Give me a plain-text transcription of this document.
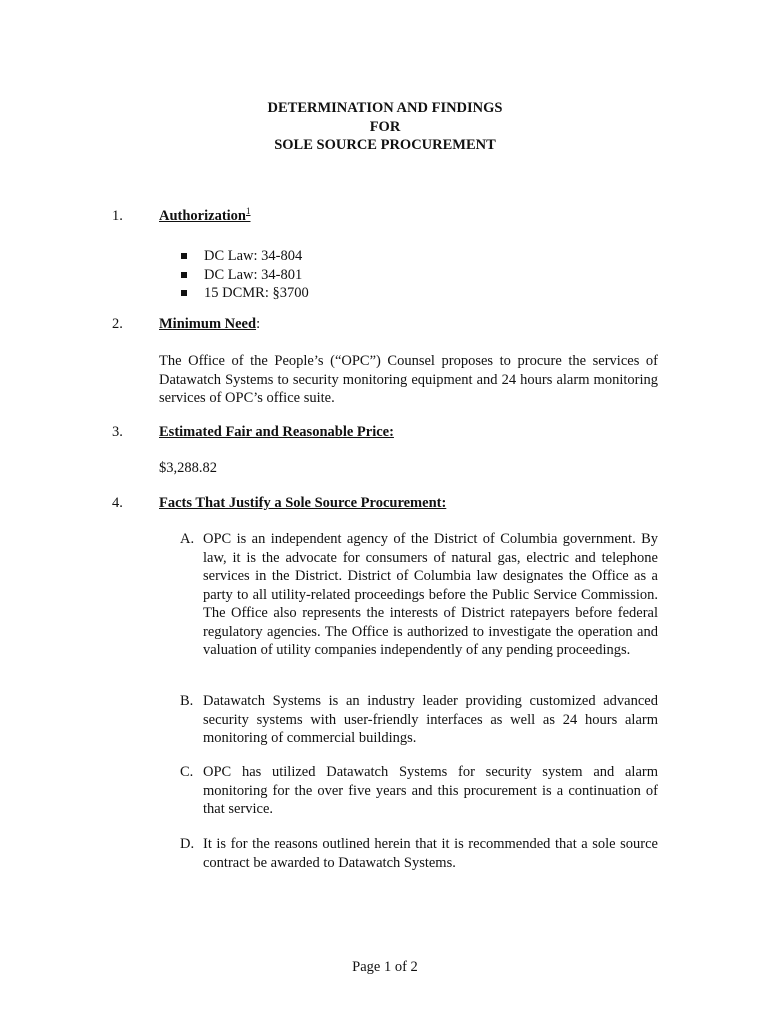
DETERMINATION AND FINDINGS
FOR
SOLE SOURCE PROCUREMENT
1. Authorization$^1$
DC Law: 34-804
DC Law: 34-801
15 DCMR: §3700
2. Minimum Need:
The Office of the People’s (“OPC”) Counsel proposes to procure the services of Datawatch Systems to security monitoring equipment and 24 hours alarm monitoring services of OPC’s office suite.
3. Estimated Fair and Reasonable Price:
$3,288.82
4. Facts That Justify a Sole Source Procurement:
A. OPC is an independent agency of the District of Columbia government. By law, it is the advocate for consumers of natural gas, electric and telephone services in the District. District of Columbia law designates the Office as a party to all utility-related proceedings before the Public Service Commission. The Office also represents the interests of District ratepayers before federal regulatory agencies. The Office is authorized to investigate the operation and valuation of utility companies independently of any pending proceedings.
B. Datawatch Systems is an industry leader providing customized advanced security systems with user-friendly interfaces as well as 24 hours alarm monitoring of commercial buildings.
C. OPC has utilized Datawatch Systems for security system and alarm monitoring for the over five years and this procurement is a continuation of that service.
D. It is for the reasons outlined herein that it is recommended that a sole source contract be awarded to Datawatch Systems.
Page 1 of 2
